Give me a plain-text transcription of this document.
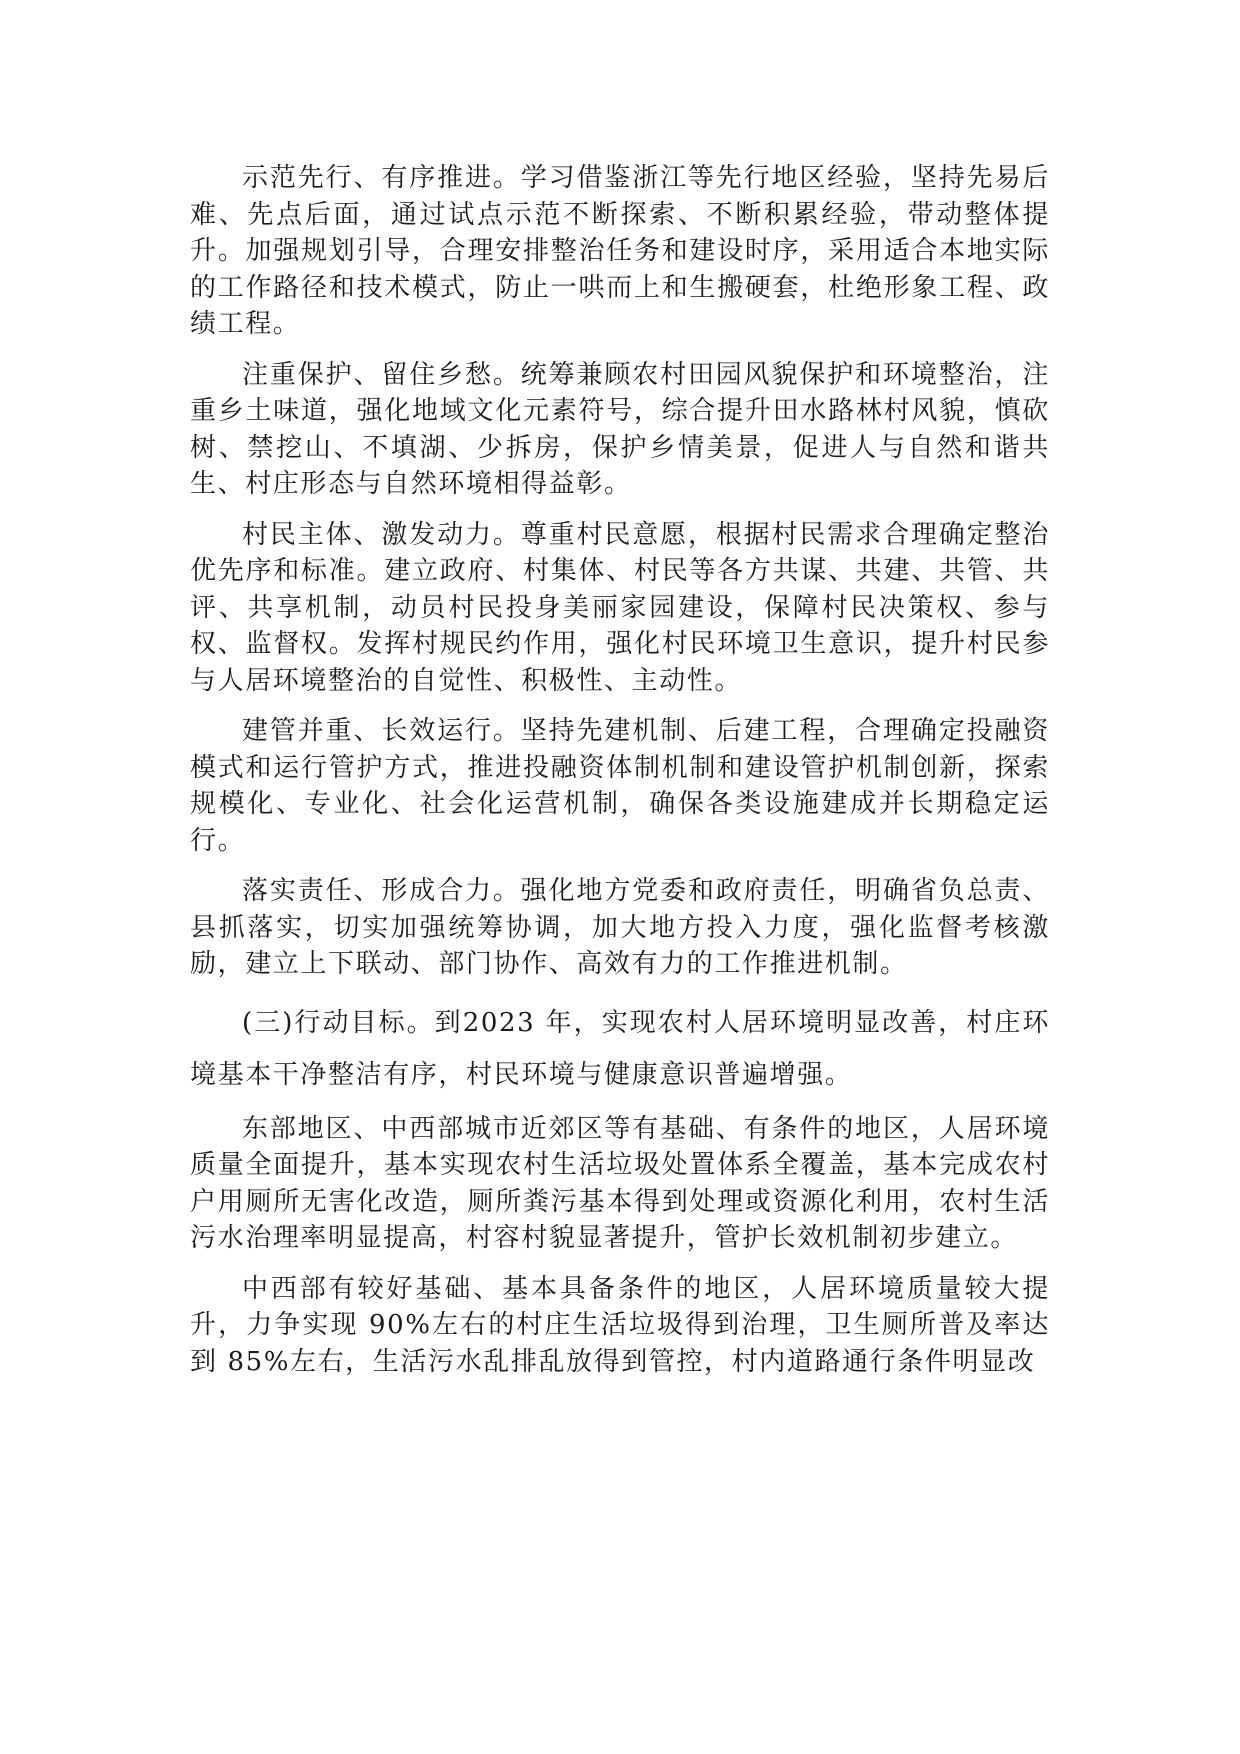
示范先行、有序推进。学习借鉴浙江等先行地区经验，坚持先易后难、先点后面，通过试点示范不断探索、不断积累经验，带动整体提升。加强规划引导，合理安排整治任务和建设时序，采用适合本地实际的工作路径和技术模式，防止一哄而上和生搬硬套，杜绝形象工程、政绩工程。

注重保护、留住乡愁。统筹兼顾农村田园风貌保护和环境整治，注重乡土味道，强化地域文化元素符号，综合提升田水路林村风貌，慎砍树、禁挖山、不填湖、少拆房，保护乡情美景，促进人与自然和谐共生、村庄形态与自然环境相得益彰。

村民主体、激发动力。尊重村民意愿，根据村民需求合理确定整治优先序和标准。建立政府、村集体、村民等各方共谋、共建、共管、共评、共享机制，动员村民投身美丽家园建设，保障村民决策权、参与权、监督权。发挥村规民约作用，强化村民环境卫生意识，提升村民参与人居环境整治的自觉性、积极性、主动性。

建管并重、长效运行。坚持先建机制、后建工程，合理确定投融资模式和运行管护方式，推进投融资体制机制和建设管护机制创新，探索规模化、专业化、社会化运营机制，确保各类设施建成并长期稳定运行。

落实责任、形成合力。强化地方党委和政府责任，明确省负总责、县抓落实，切实加强统筹协调，加大地方投入力度，强化监督考核激励，建立上下联动、部门协作、高效有力的工作推进机制。

(三)行动目标。到2023 年，实现农村人居环境明显改善，村庄环境基本干净整洁有序，村民环境与健康意识普遍增强。

东部地区、中西部城市近郊区等有基础、有条件的地区，人居环境质量全面提升，基本实现农村生活垃圾处置体系全覆盖，基本完成农村户用厕所无害化改造，厕所粪污基本得到处理或资源化利用，农村生活污水治理率明显提高，村容村貌显著提升，管护长效机制初步建立。

中西部有较好基础、基本具备条件的地区，人居环境质量较大提升，力争实现 90%左右的村庄生活垃圾得到治理，卫生厕所普及率达 到 85%左右，生活污水乱排乱放得到管控，村内道路通行条件明显改
